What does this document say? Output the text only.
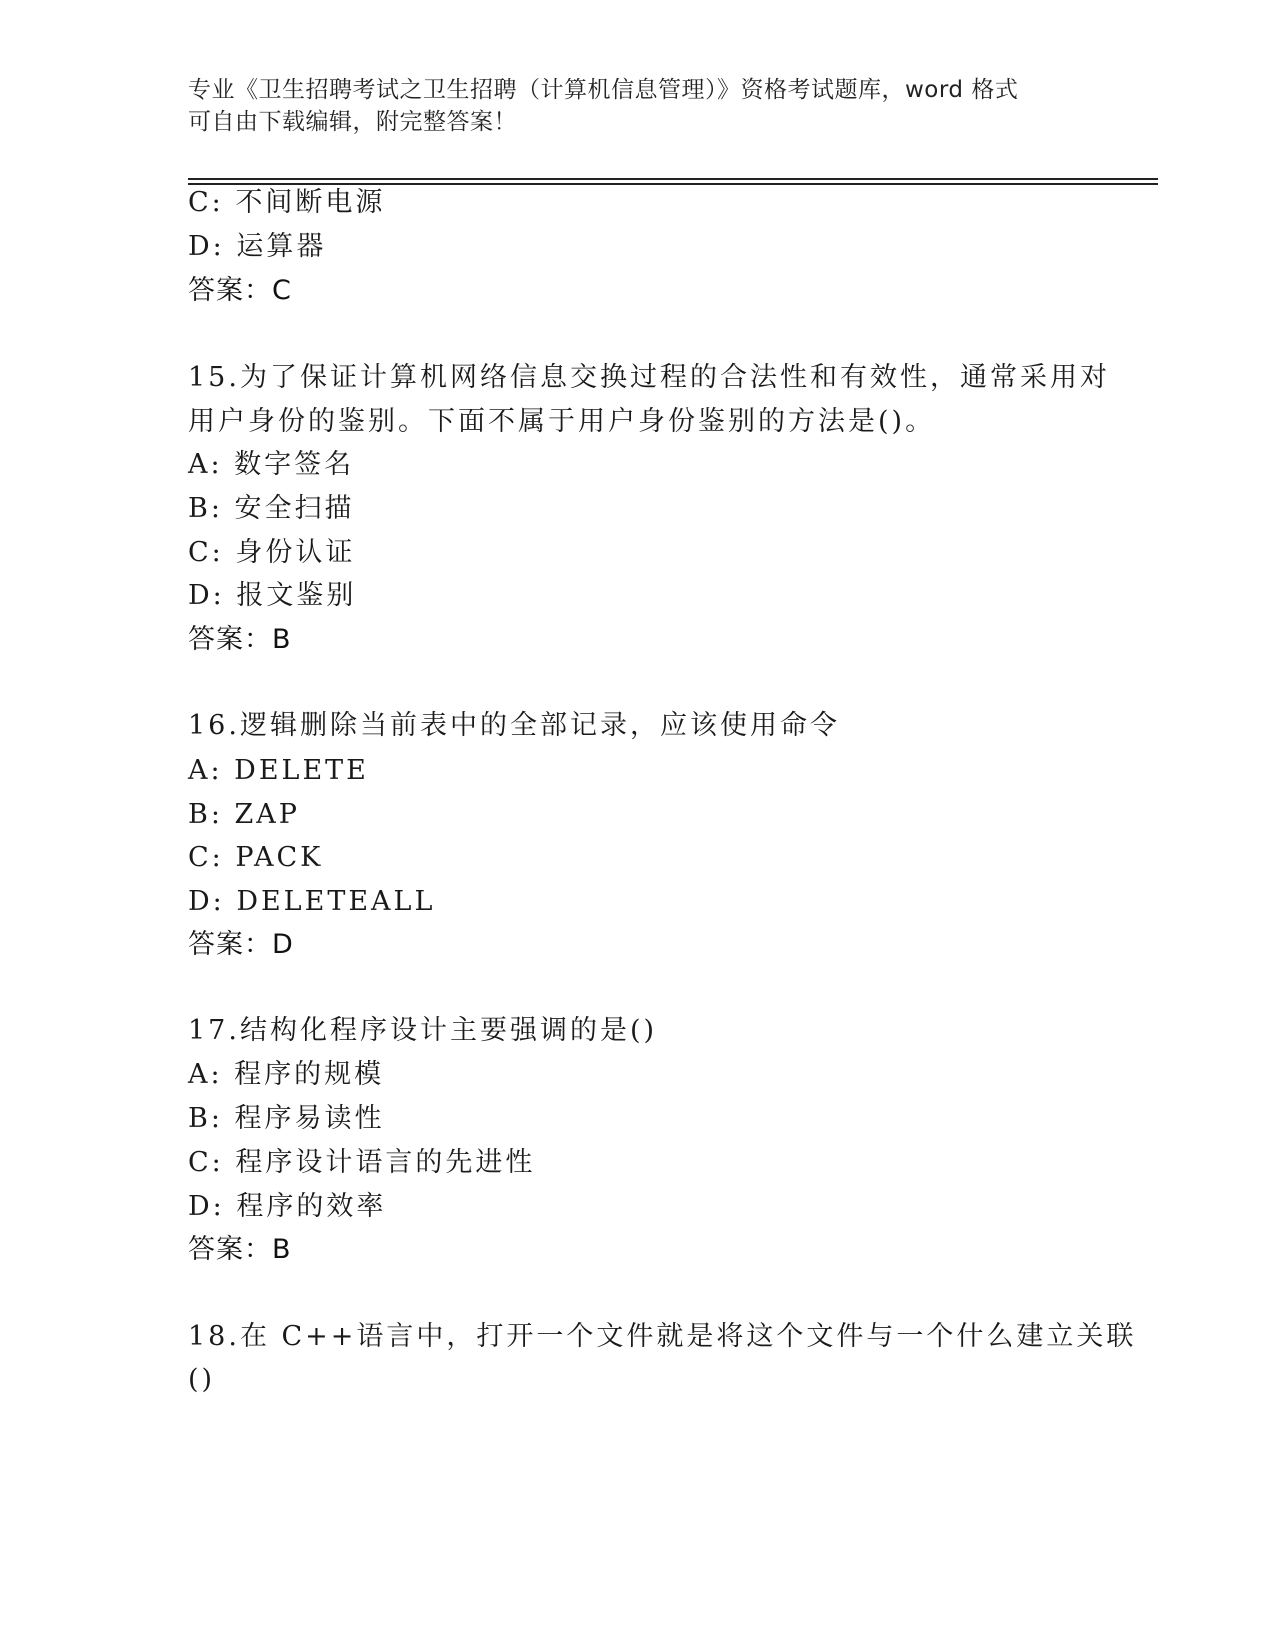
专业《卫生招聘考试之卫生招聘（计算机信息管理）》资格考试题库，word 格式
可自由下载编辑，附完整答案！
C: 不间断电源
D: 运算器
答案：C
15.为了保证计算机网络信息交换过程的合法性和有效性，通常采用对
用户身份的鉴别。下面不属于用户身份鉴别的方法是()。
A: 数字签名
B: 安全扫描
C: 身份认证
D: 报文鉴别
答案：B
16.逻辑删除当前表中的全部记录，应该使用命令
A: DELETE
B: ZAP
C: PACK
D: DELETEALL
答案：D
17.结构化程序设计主要强调的是()
A: 程序的规模
B: 程序易读性
C: 程序设计语言的先进性
D: 程序的效率
答案：B
18.在 C++语言中，打开一个文件就是将这个文件与一个什么建立关联
()
